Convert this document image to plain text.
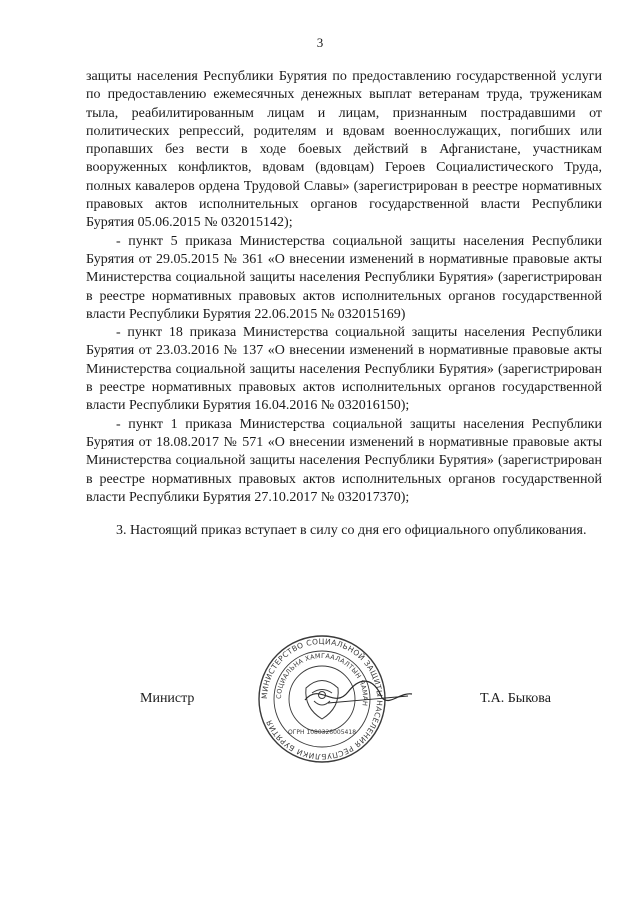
3

защиты населения Республики Бурятия по предоставлению государственной услуги по предоставлению ежемесячных денежных выплат ветеранам труда, труженикам тыла, реабилитированным лицам и лицам, признанным пострадавшими от политических репрессий, родителям и вдовам военнослужащих, погибших или пропавших без вести в ходе боевых действий в Афганистане, участникам вооруженных конфликтов, вдовам (вдовцам) Героев Социалистического Труда, полных кавалеров ордена Трудовой Славы» (зарегистрирован в реестре нормативных правовых актов исполнительных органов государственной власти Республики Бурятия 05.06.2015 № 032015142);

- пункт 5 приказа Министерства социальной защиты населения Республики Бурятия от 29.05.2015 № 361 «О внесении изменений в нормативные правовые акты Министерства социальной защиты населения Республики Бурятия» (зарегистрирован в реестре нормативных правовых актов исполнительных органов государственной власти Республики Бурятия 22.06.2015 № 032015169)

- пункт 18 приказа Министерства социальной защиты населения Республики Бурятия от 23.03.2016 № 137 «О внесении изменений в нормативные правовые акты Министерства социальной защиты населения Республики Бурятия» (зарегистрирован в реестре нормативных правовых актов исполнительных органов государственной власти Республики Бурятия 16.04.2016 № 032016150);

- пункт 1 приказа Министерства социальной защиты населения Республики Бурятия от 18.08.2017 № 571 «О внесении изменений в нормативные правовые акты Министерства социальной защиты населения Республики Бурятия» (зарегистрирован в реестре нормативных правовых актов исполнительных органов государственной власти Республики Бурятия 27.10.2017 № 032017370);

3. Настоящий приказ вступает в силу со дня его официального опубликования.

МИНИСТЕРСТВО СОЦИАЛЬНОЙ ЗАЩИТЫ НАСЕЛЕНИЯ РЕСПУБЛИКИ БУРЯТИЯ
СОЦИАЛЬНА ХАМГААЛАЛТЫН ЯАМАН
ОГРН 1080326005418
Министр	Т.А. Быкова
